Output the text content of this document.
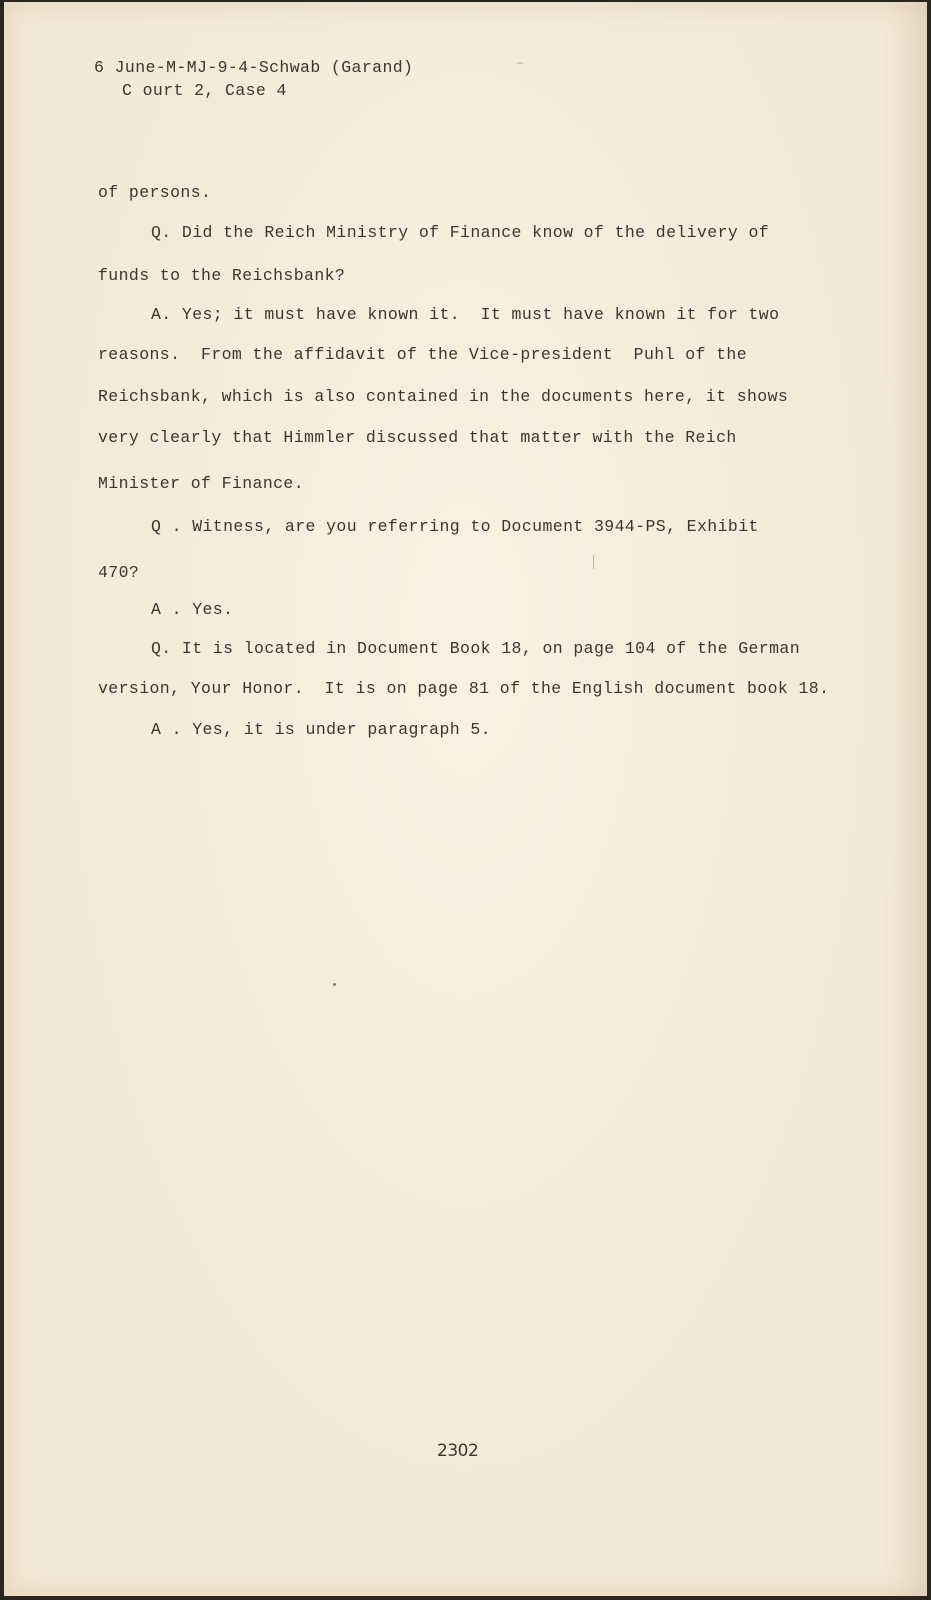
6 June-M-MJ-9-4-Schwab (Garand)
C ourt 2, Case 4
of persons.
Q. Did the Reich Ministry of Finance know of the delivery of
funds to the Reichsbank?
A. Yes; it must have known it.  It must have known it for two
reasons.  From the affidavit of the Vice-president  Puhl of the
Reichsbank, which is also contained in the documents here, it shows
very clearly that Himmler discussed that matter with the Reich
Minister of Finance.
Q . Witness, are you referring to Document 3944-PS, Exhibit
470?
A . Yes.
Q. It is located in Document Book 18, on page 104 of the German
version, Your Honor.  It is on page 81 of the English document book 18.
A . Yes, it is under paragraph 5.
2302
